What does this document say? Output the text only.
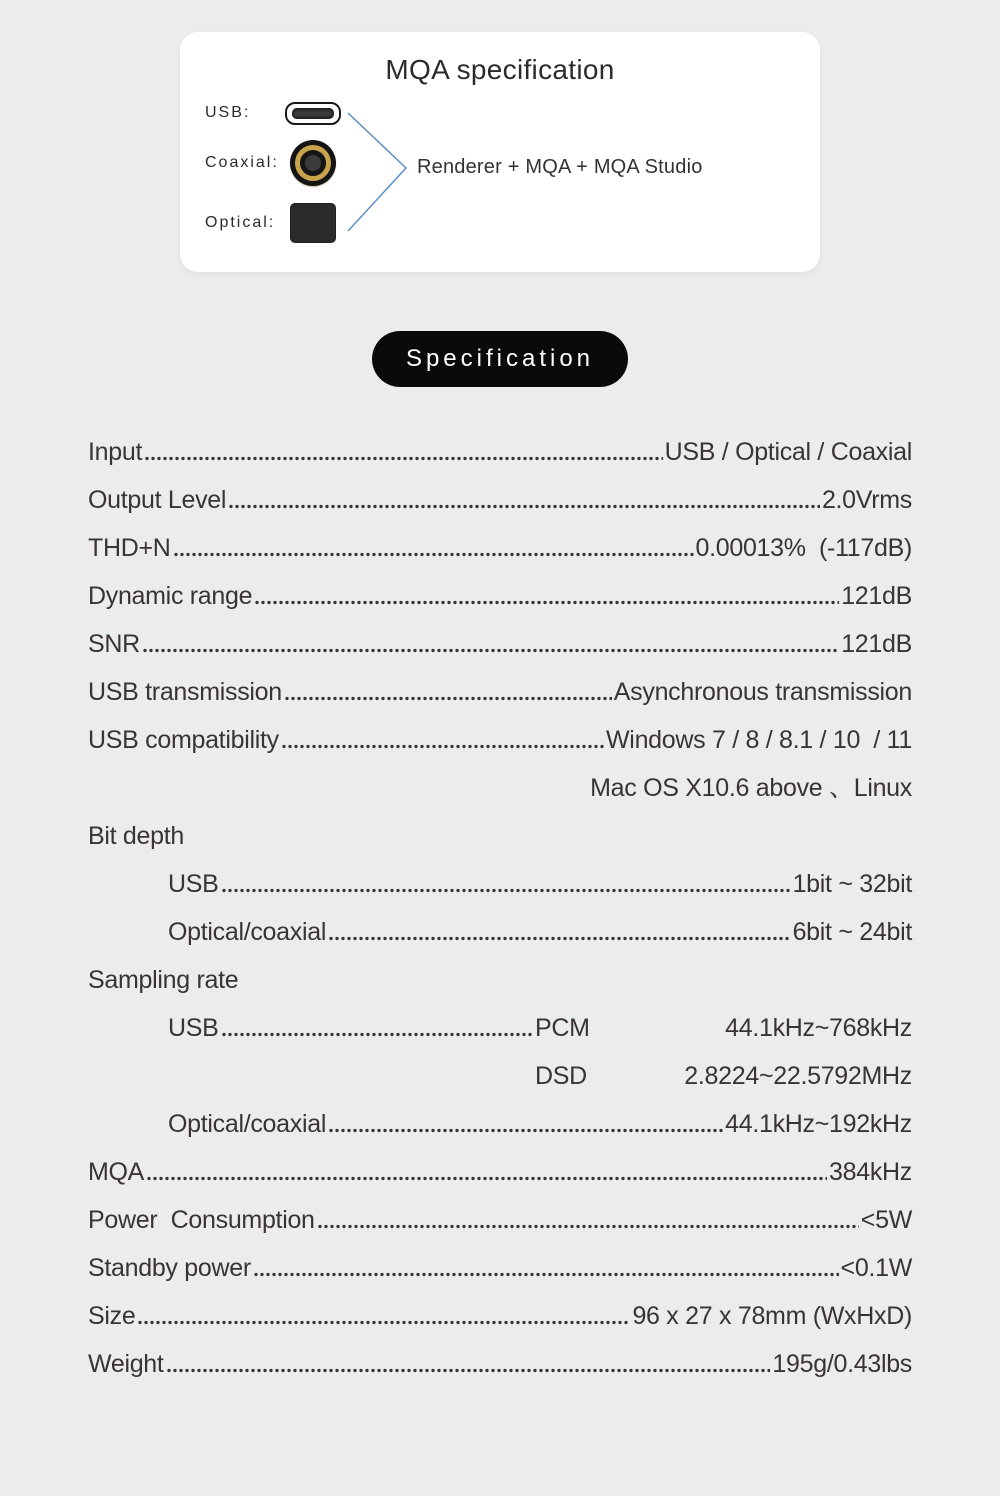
MQA specification
USB:
Coaxial:
Optical:
Renderer + MQA + MQA Studio
Specification
Input	USB / Optical / Coaxial
Output Level	2.0Vrms
THD+N	0.00013%  (-117dB)
Dynamic range	121dB
SNR	121dB
USB transmission	Asynchronous transmission
USB compatibility	Windows 7 / 8 / 8.1 / 10  / 11
Mac OS X10.6 above 、Linux
Bit depth
USB	1bit ~ 32bit
Optical/coaxial	6bit ~ 24bit
Sampling rate
USB	PCM	44.1kHz~768kHz
DSD	2.8224~22.5792MHz
Optical/coaxial	44.1kHz~192kHz
MQA	384kHz
Power  Consumption	<5W
Standby power	<0.1W
Size	96 x 27 x 78mm (WxHxD)
Weight	195g/0.43lbs
